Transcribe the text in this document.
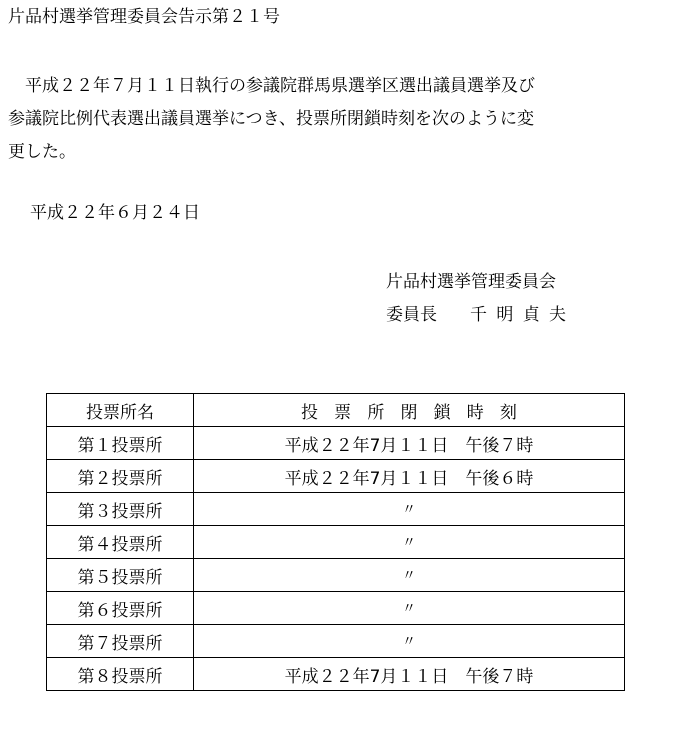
片品村選挙管理委員会告示第２１号
　平成２２年７月１１日執行の参議院群馬県選挙区選出議員選挙及び
参議院比例代表選出議員選挙につき、投票所閉鎖時刻を次のように変
更した。
平成２２年６月２４日
片品村選挙管理委員会
委員長 千明貞夫
投票所名	投票所閉鎖時刻
第１投票所	平成２２年7月１１日　午後７時
第２投票所	平成２２年7月１１日　午後６時
第３投票所	〃
第４投票所	〃
第５投票所	〃
第６投票所	〃
第７投票所	〃
第８投票所	平成２２年7月１１日　午後７時
